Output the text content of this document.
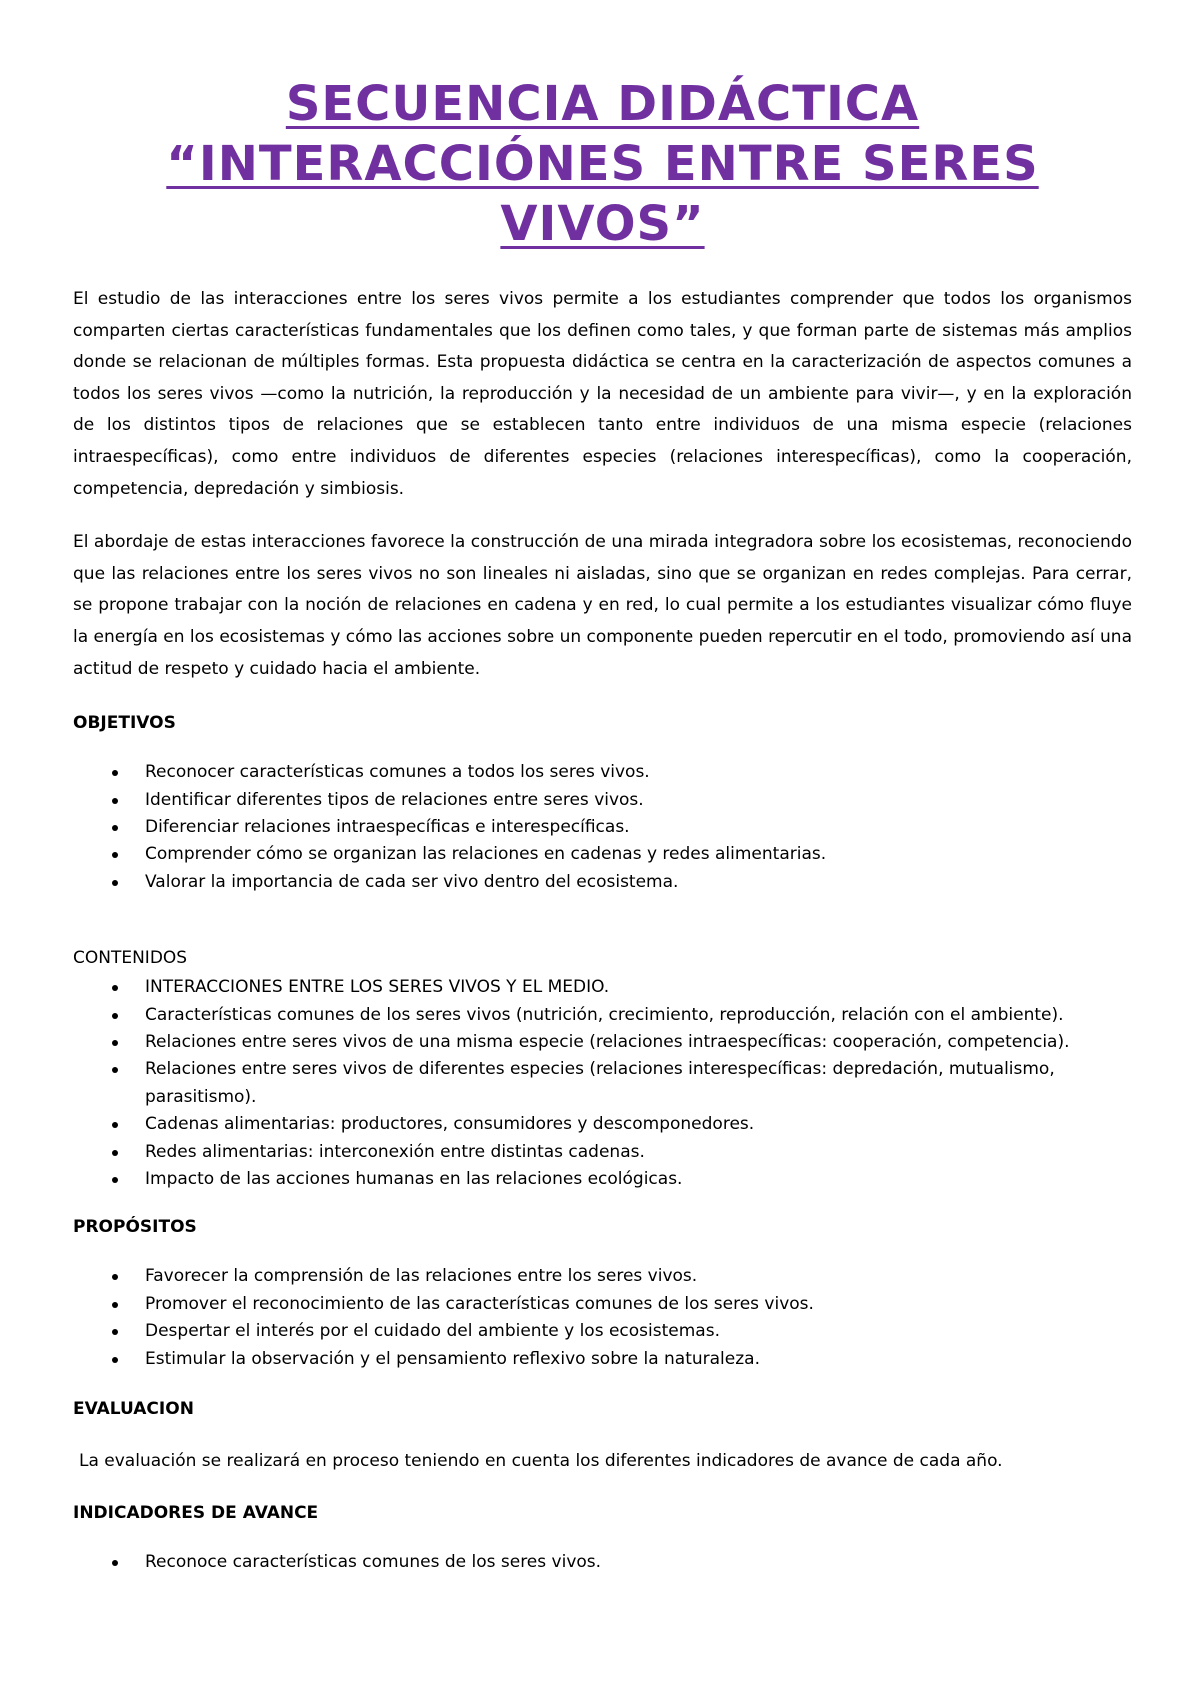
SECUENCIA DIDÁCTICA
“INTERACCIÓNES ENTRE SERES
VIVOS”

El estudio de las interacciones entre los seres vivos permite a los estudiantes comprender que todos los organismos comparten ciertas características fundamentales que los definen como tales, y que forman parte de sistemas más amplios donde se relacionan de múltiples formas. Esta propuesta didáctica se centra en la caracterización de aspectos comunes a todos los seres vivos —como la nutrición, la reproducción y la necesidad de un ambiente para vivir—, y en la exploración de los distintos tipos de relaciones que se establecen tanto entre individuos de una misma especie (relaciones intraespecíficas), como entre individuos de diferentes especies (relaciones interespecíficas), como la cooperación, competencia, depredación y simbiosis.

El abordaje de estas interacciones favorece la construcción de una mirada integradora sobre los ecosistemas, reconociendo que las relaciones entre los seres vivos no son lineales ni aisladas, sino que se organizan en redes complejas. Para cerrar, se propone trabajar con la noción de relaciones en cadena y en red, lo cual permite a los estudiantes visualizar cómo fluye la energía en los ecosistemas y cómo las acciones sobre un componente pueden repercutir en el todo, promoviendo así una actitud de respeto y cuidado hacia el ambiente.

OBJETIVOS
Reconocer características comunes a todos los seres vivos.
Identificar diferentes tipos de relaciones entre seres vivos.
Diferenciar relaciones intraespecíficas e interespecíficas.
Comprender cómo se organizan las relaciones en cadenas y redes alimentarias.
Valorar la importancia de cada ser vivo dentro del ecosistema.
CONTENIDOS
INTERACCIONES ENTRE LOS SERES VIVOS Y EL MEDIO.
Características comunes de los seres vivos (nutrición, crecimiento, reproducción, relación con el ambiente).
Relaciones entre seres vivos de una misma especie (relaciones intraespecíficas: cooperación, competencia).
Relaciones entre seres vivos de diferentes especies (relaciones interespecíficas: depredación, mutualismo, parasitismo).
Cadenas alimentarias: productores, consumidores y descomponedores.
Redes alimentarias: interconexión entre distintas cadenas.
Impacto de las acciones humanas en las relaciones ecológicas.
PROPÓSITOS
Favorecer la comprensión de las relaciones entre los seres vivos.
Promover el reconocimiento de las características comunes de los seres vivos.
Despertar el interés por el cuidado del ambiente y los ecosistemas.
Estimular la observación y el pensamiento reflexivo sobre la naturaleza.
EVALUACION

La evaluación se realizará en proceso teniendo en cuenta los diferentes indicadores de avance de cada año.

INDICADORES DE AVANCE
Reconoce características comunes de los seres vivos.
